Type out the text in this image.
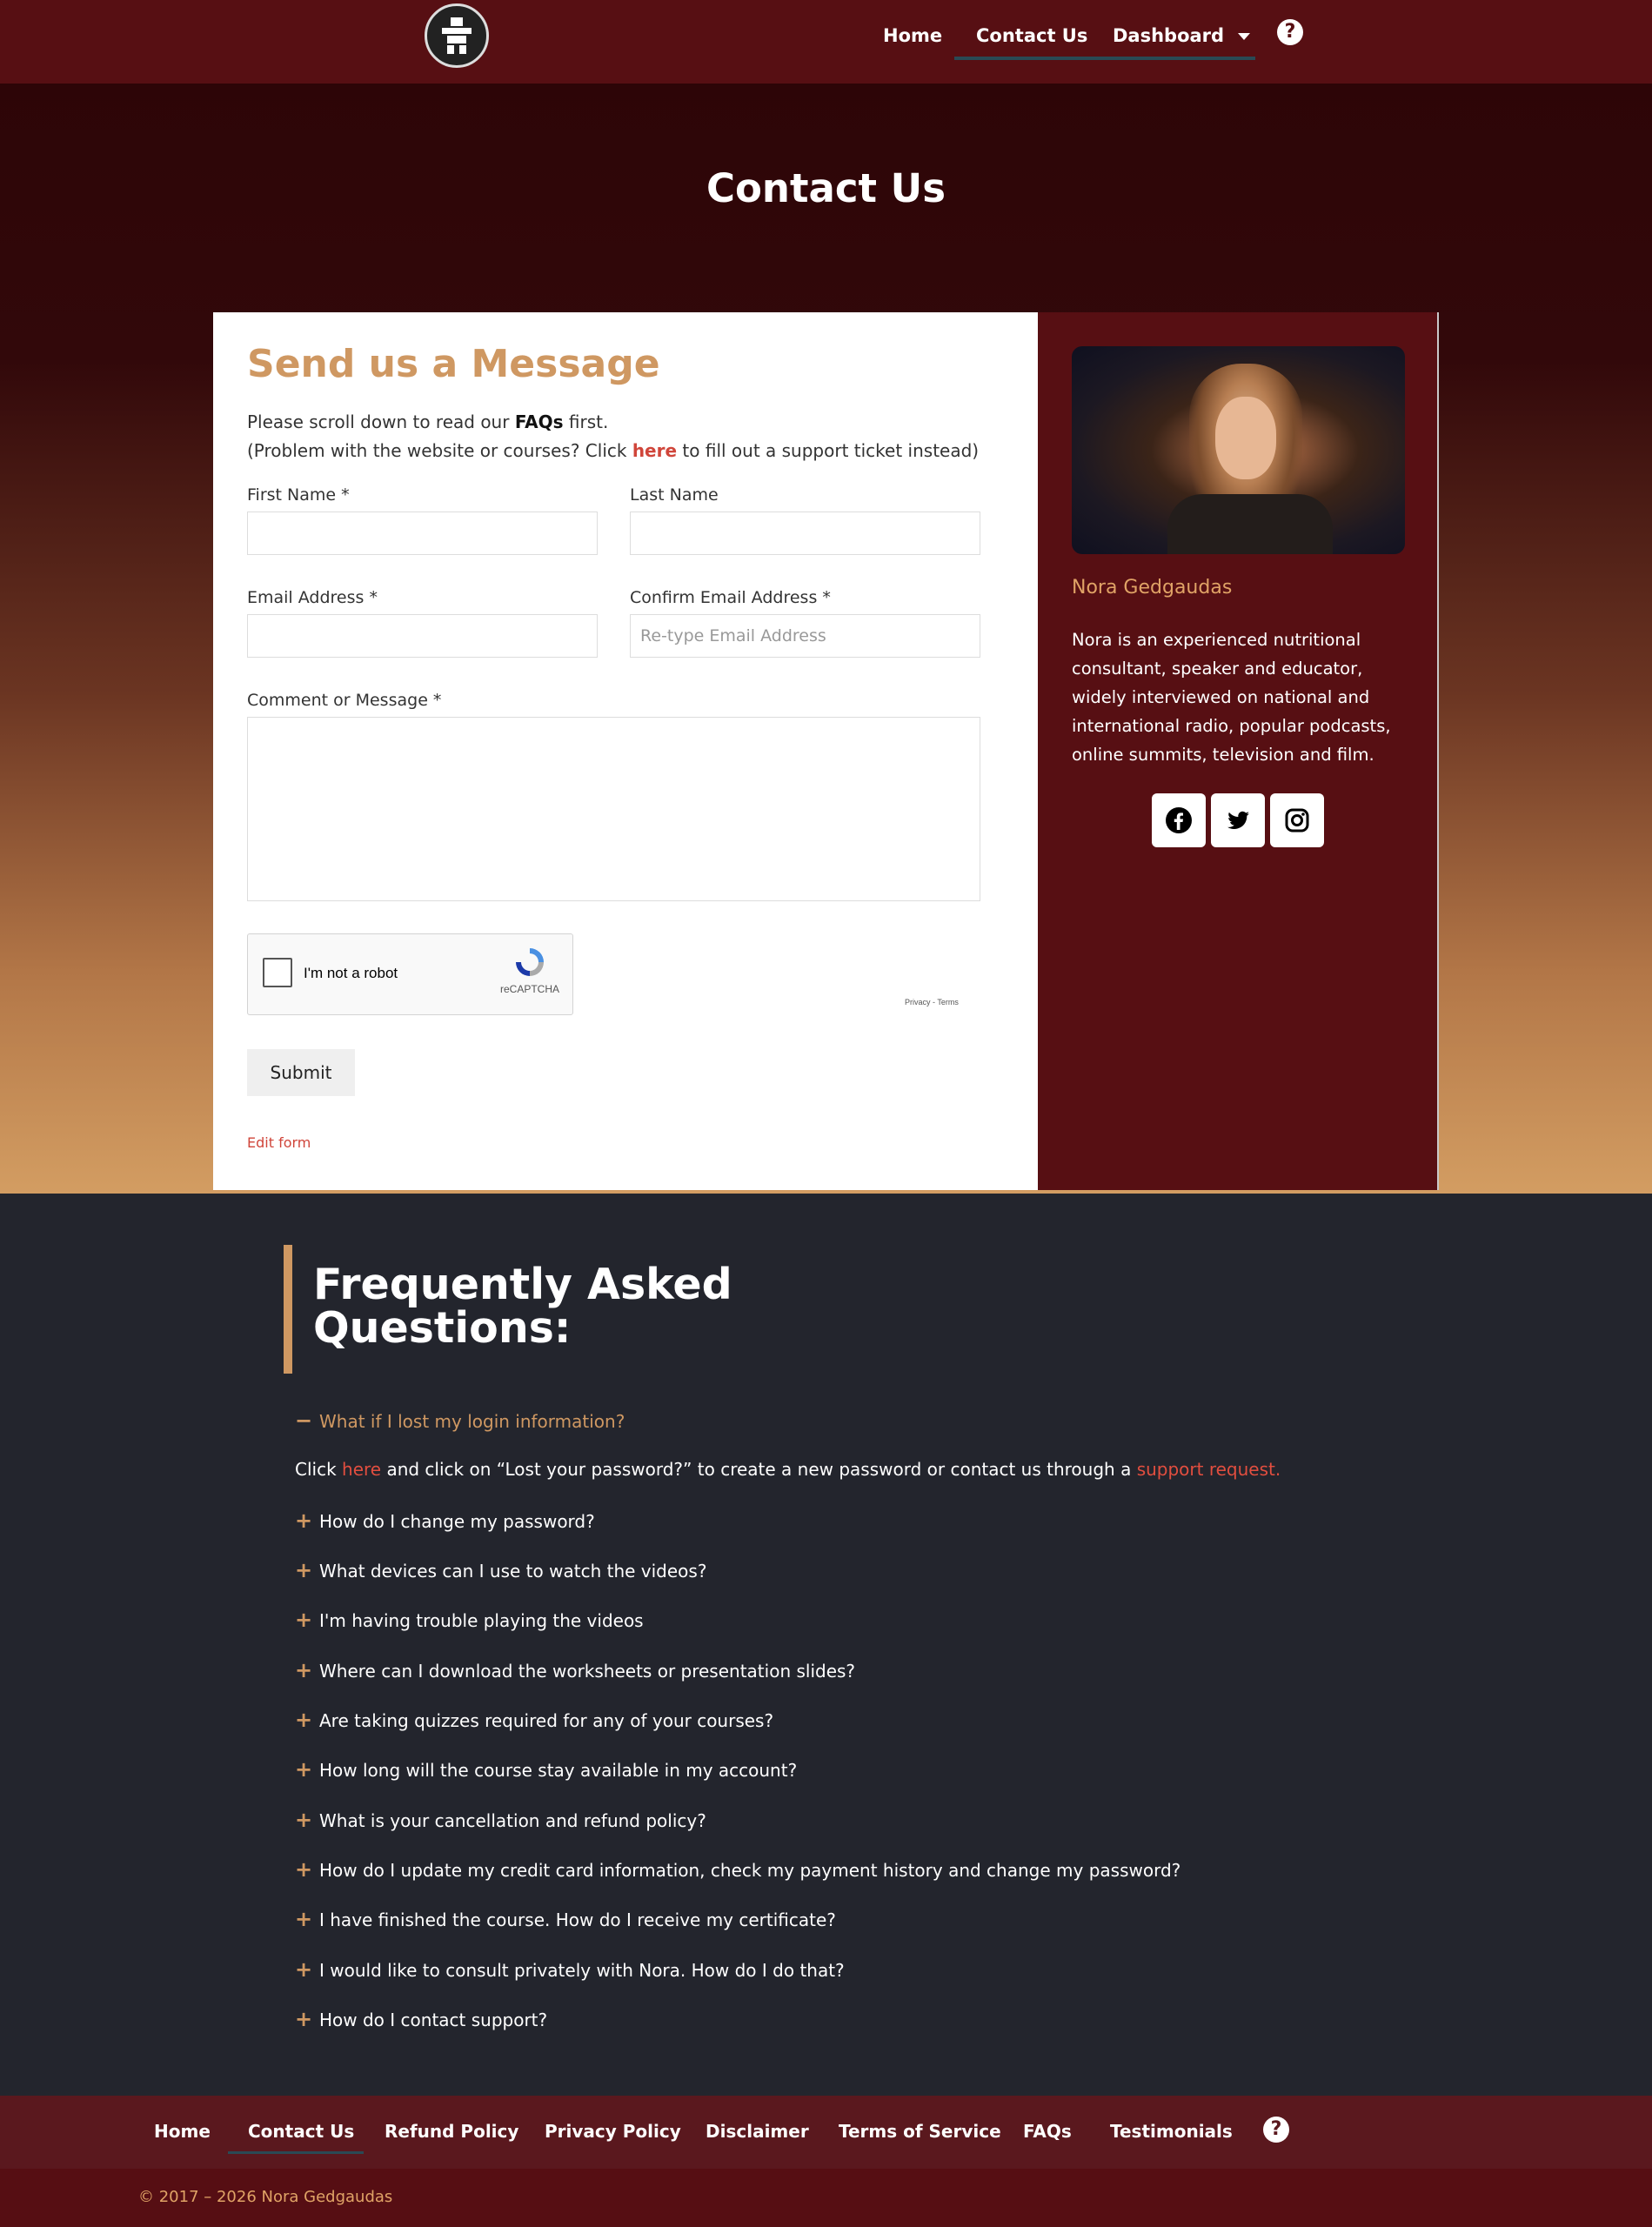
Home Contact Us Dashboard	?
Contact Us
Send us a Message
Please scroll down to read our FAQs first.
(Problem with the website or courses? Click here to fill out a support ticket instead)
First Name *	Last Name
Email Address *	Confirm Email Address *
Re-type Email Address
Comment or Message *
I'm not a robot
reCAPTCHA
Privacy - Terms
Submit
Edit form
Nora Gedgaudas
Nora is an experienced nutritional consultant, speaker and educator, widely interviewed on national and international radio, popular podcasts, online summits, television and film.
Frequently Asked
Questions:
− What if I lost my login information?
Click here and click on “Lost your password?” to create a new password or contact us through a support request.
+ How do I change my password?
+ What devices can I use to watch the videos?
+ I'm having trouble playing the videos
+ Where can I download the worksheets or presentation slides?
+ Are taking quizzes required for any of your courses?
+ How long will the course stay available in my account?
+ What is your cancellation and refund policy?
+ How do I update my credit card information, check my payment history and change my password?
+ I have finished the course. How do I receive my certificate?
+ I would like to consult privately with Nora. How do I do that?
+ How do I contact support?
Home Contact Us Refund Policy Privacy Policy Disclaimer Terms of Service FAQs Testimonials	?
© 2017 – 2026 Nora Gedgaudas
